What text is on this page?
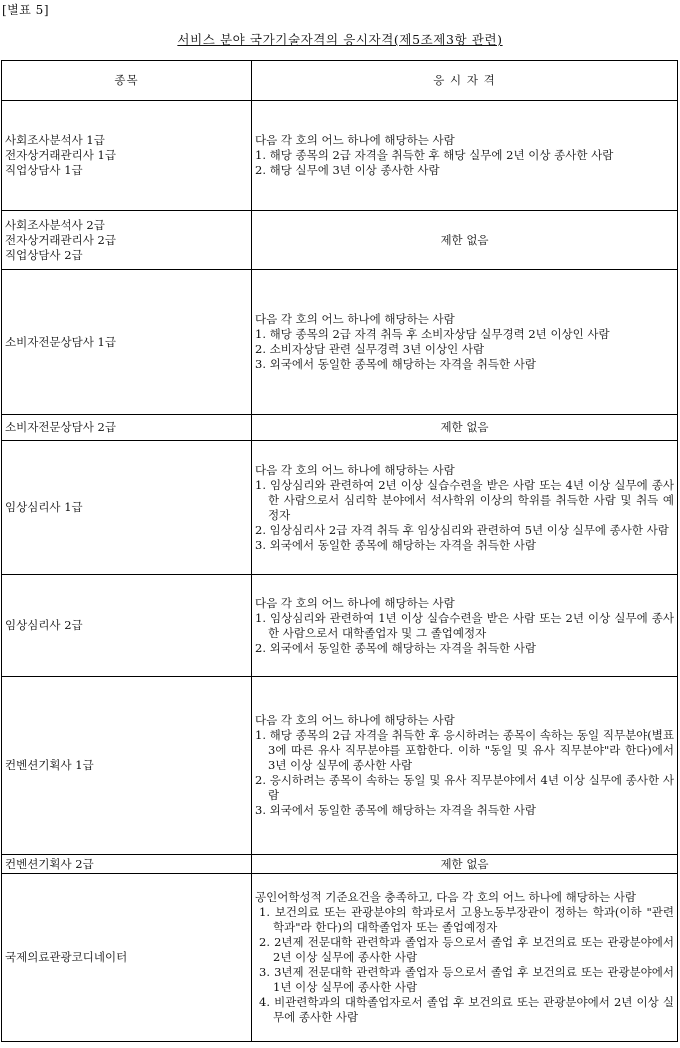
[별표 5]
서비스 분야 국가기술자격의 응시자격(제5조제3항 관련)
종목	응 시 자 격

사회조사분석사 1급
전자상거래관리사 1급
직업상담사 1급	다음 각 호의 어느 하나에 해당하는 사람
1. 해당 종목의 2급 자격을 취득한 후 해당 실무에 2년 이상 종사한 사람
2. 해당 실무에 3년 이상 종사한 사람

사회조사분석사 2급
전자상거래관리사 2급
직업상담사 2급	제한 없음

소비자전문상담사 1급	다음 각 호의 어느 하나에 해당하는 사람
1. 해당 종목의 2급 자격 취득 후 소비자상담 실무경력 2년 이상인 사람
2. 소비자상담 관련 실무경력 3년 이상인 사람
3. 외국에서 동일한 종목에 해당하는 자격을 취득한 사람

소비자전문상담사 2급	제한 없음

임상심리사 1급	다음 각 호의 어느 하나에 해당하는 사람
1. 임상심리와 관련하여 2년 이상 실습수련을 받은 사람 또는 4년 이상 실무에 종사한 사람으로서 심리학 분야에서 석사학위 이상의 학위를 취득한 사람 및 취득 예정자
2. 임상심리사 2급 자격 취득 후 임상심리와 관련하여 5년 이상 실무에 종사한 사람
3. 외국에서 동일한 종목에 해당하는 자격을 취득한 사람

임상심리사 2급	다음 각 호의 어느 하나에 해당하는 사람
1. 임상심리와 관련하여 1년 이상 실습수련을 받은 사람 또는 2년 이상 실무에 종사한 사람으로서 대학졸업자 및 그 졸업예정자
2. 외국에서 동일한 종목에 해당하는 자격을 취득한 사람

컨벤션기획사 1급	다음 각 호의 어느 하나에 해당하는 사람
1. 해당 종목의 2급 자격을 취득한 후 응시하려는 종목이 속하는 동일 직무분야(별표 3에 따른 유사 직무분야를 포함한다. 이하 "동일 및 유사 직무분야"라 한다)에서 3년 이상 실무에 종사한 사람
2. 응시하려는 종목이 속하는 동일 및 유사 직무분야에서 4년 이상 실무에 종사한 사람
3. 외국에서 동일한 종목에 해당하는 자격을 취득한 사람

컨벤션기획사 2급	제한 없음

국제의료관광코디네이터	공인어학성적 기준요건을 충족하고, 다음 각 호의 어느 하나에 해당하는 사람
1. 보건의료 또는 관광분야의 학과로서 고용노동부장관이 정하는 학과(이하 "관련학과"라 한다)의 대학졸업자 또는 졸업예정자
2. 2년제 전문대학 관련학과 졸업자 등으로서 졸업 후 보건의료 또는 관광분야에서 2년 이상 실무에 종사한 사람
3. 3년제 전문대학 관련학과 졸업자 등으로서 졸업 후 보건의료 또는 관광분야에서 1년 이상 실무에 종사한 사람
4. 비관련학과의 대학졸업자로서 졸업 후 보건의료 또는 관광분야에서 2년 이상 실무에 종사한 사람
